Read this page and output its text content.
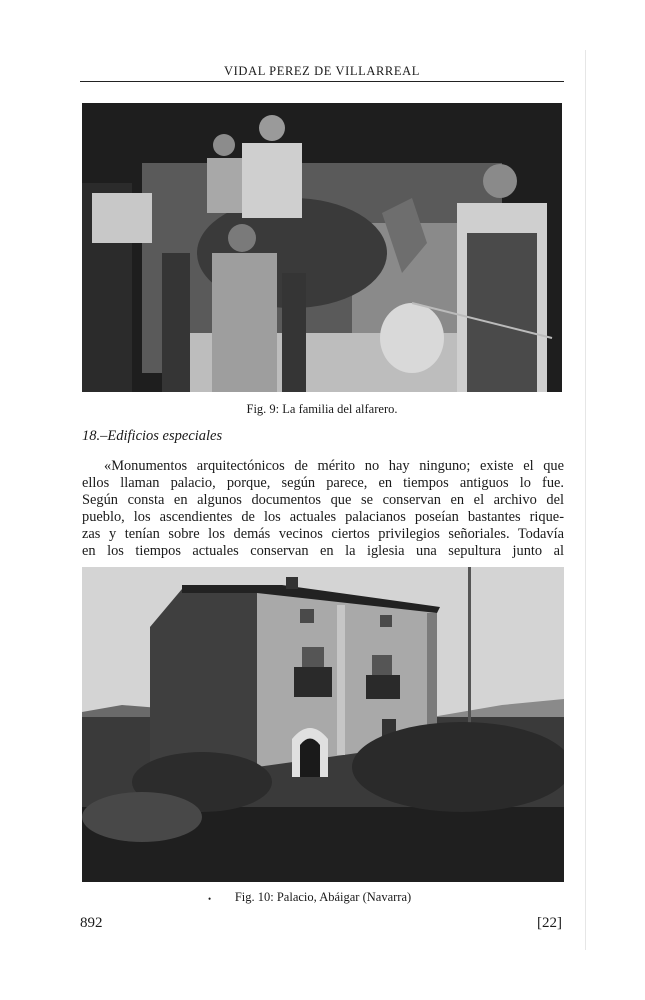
VIDAL PEREZ DE VILLARREAL
Fig. 9: La familia del alfarero.
18.–Edificios especiales
«Monumentos arquitectónicos de mérito no hay ninguno; existe el que
ellos llaman palacio, porque, según parece, en tiempos antiguos lo fue.
Según consta en algunos documentos que se conservan en el archivo del
pueblo, los ascendientes de los actuales palacianos poseían bastantes rique-
zas y tenían sobre los demás vecinos ciertos privilegios señoriales. Todavía
en los tiempos actuales conservan en la iglesia una sepultura junto al
•	Fig. 10: Palacio, Abáigar (Navarra)
892	[22]
